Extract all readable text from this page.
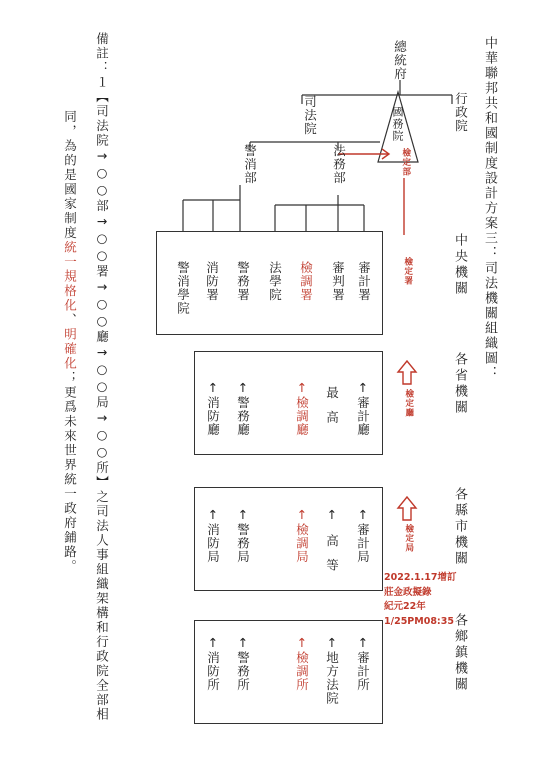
中華聯邦共和國制度設計方案三：司法機關組織圖：
備註：１【司法院→○○部→○○署→○○廳→○○局→○○所】之司法人事組織架構和行政院全部相
同，為的是國家制度統一規格化、明確化；更爲未來世界統一政府鋪路。
總統府
司法院	行政院
國務院
檢定部
法務部
警消部
中央機關
各省機關
各縣市機關
各鄉鎮機關
檢定署
檢定廳
檢定局
審計署
審判署
檢調署
法學院
警務署
消防署
警消學院
↑審計廳
最高
↑檢調廳
↑警務廳
↑消防廳
↑審計局
↑高等
↑檢調局
↑警務局
↑消防局
↑審計所
↑地方法院
↑檢調所
↑警務所
↑消防所
2022.1.17增訂
莊金政擬錄
紀元22年
1/25PM08:35
